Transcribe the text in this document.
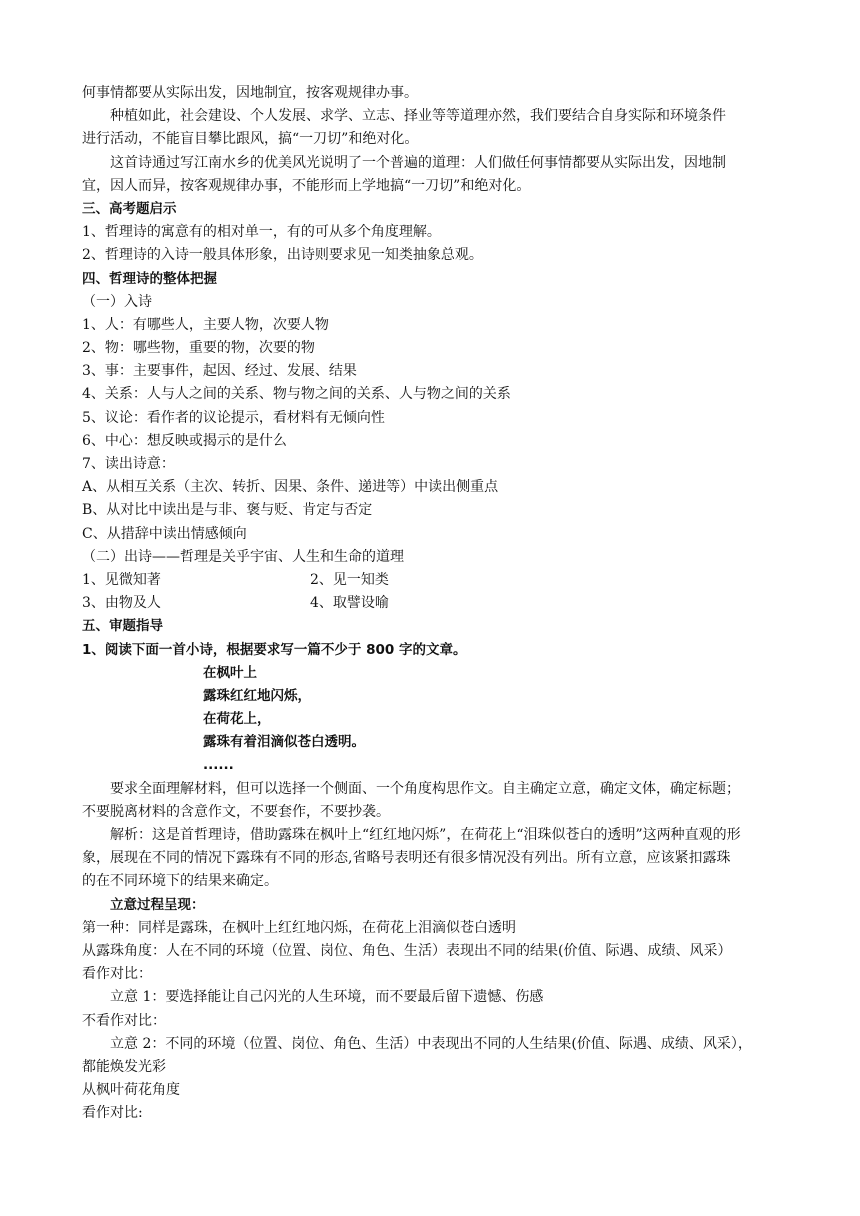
何事情都要从实际出发，因地制宜，按客观规律办事。
种植如此，社会建设、个人发展、求学、立志、择业等等道理亦然，我们要结合自身实际和环境条件
进行活动，不能盲目攀比跟风，搞“一刀切”和绝对化。
这首诗通过写江南水乡的优美风光说明了一个普遍的道理：人们做任何事情都要从实际出发，因地制
宜，因人而异，按客观规律办事，不能形而上学地搞“一刀切”和绝对化。
三、高考题启示
1、哲理诗的寓意有的相对单一，有的可从多个角度理解。
2、哲理诗的入诗一般具体形象，出诗则要求见一知类抽象总观。
四、哲理诗的整体把握
（一）入诗
1、人：有哪些人，主要人物，次要人物
2、物：哪些物，重要的物，次要的物
3、事：主要事件，起因、经过、发展、结果
4、关系：人与人之间的关系、物与物之间的关系、人与物之间的关系
5、议论：看作者的议论提示，看材料有无倾向性
6、中心：想反映或揭示的是什么
7、读出诗意：
A、从相互关系（主次、转折、因果、条件、递进等）中读出侧重点
B、从对比中读出是与非、褒与贬、肯定与否定
C、从措辞中读出情感倾向
（二）出诗——哲理是关乎宇宙、人生和生命的道理
1、见微知著	2、见一知类
3、由物及人	4、取譬设喻
五、审题指导
1、阅读下面一首小诗，根据要求写一篇不少于 800 字的文章。
在枫叶上
露珠红红地闪烁，
在荷花上，
露珠有着泪滴似苍白透明。
......
要求全面理解材料，但可以选择一个侧面、一个角度构思作文。自主确定立意，确定文体，确定标题；
不要脱离材料的含意作文，不要套作，不要抄袭。
解析：这是首哲理诗，借助露珠在枫叶上“红红地闪烁”，在荷花上“泪珠似苍白的透明”这两种直观的形
象，展现在不同的情况下露珠有不同的形态,省略号表明还有很多情况没有列出。所有立意，应该紧扣露珠
的在不同环境下的结果来确定。
立意过程呈现：
第一种：同样是露珠，在枫叶上红红地闪烁，在荷花上泪滴似苍白透明
从露珠角度：人在不同的环境（位置、岗位、角色、生活）表现出不同的结果(价值、际遇、成绩、风采）
看作对比：
立意 1：要选择能让自己闪光的人生环境，而不要最后留下遗憾、伤感
不看作对比：
立意 2：不同的环境（位置、岗位、角色、生活）中表现出不同的人生结果(价值、际遇、成绩、风采），
都能焕发光彩
从枫叶荷花角度
看作对比:
